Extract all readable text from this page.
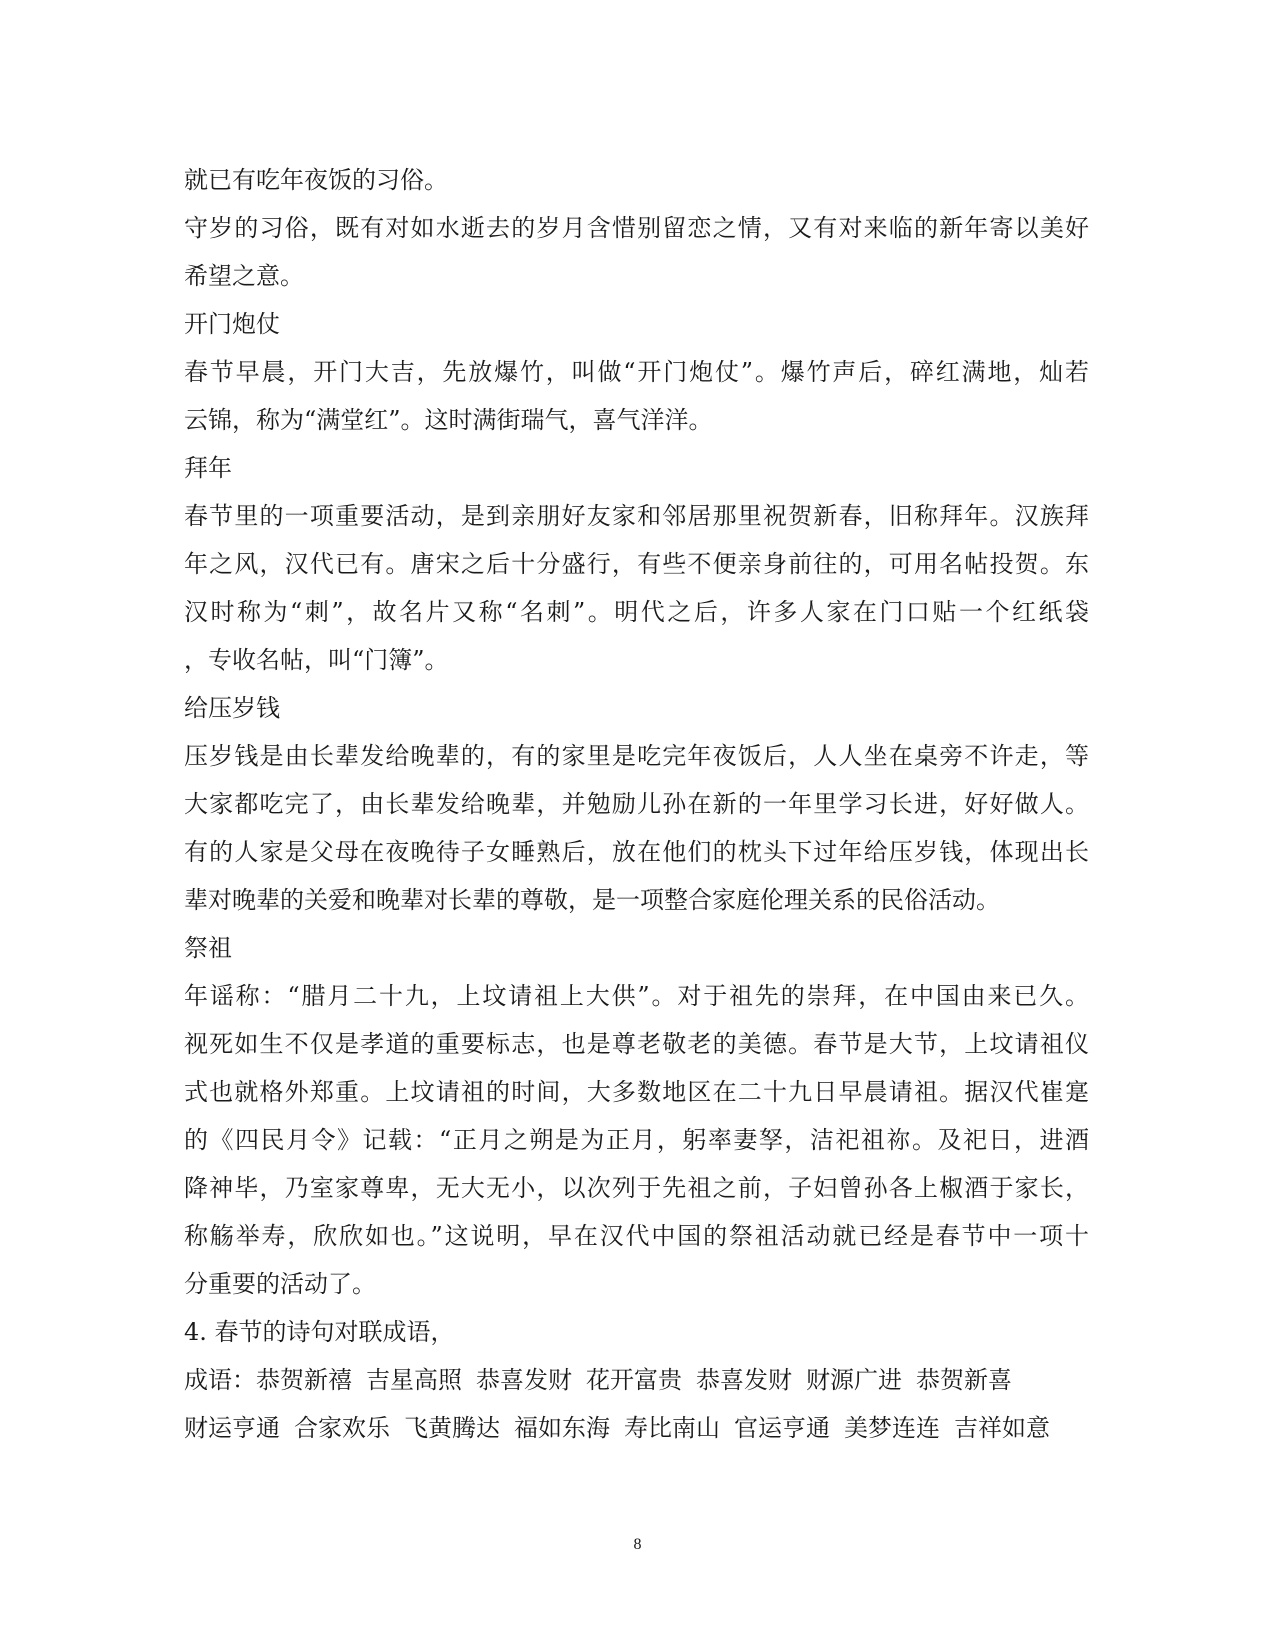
就已有吃年夜饭的习俗。
守岁的习俗，既有对如水逝去的岁月含惜别留恋之情，又有对来临的新年寄以美好
希望之意。
开门炮仗
春节早晨，开门大吉，先放爆竹，叫做“开门炮仗”。爆竹声后，碎红满地，灿若
云锦，称为“满堂红”。这时满街瑞气，喜气洋洋。
拜年
春节里的一项重要活动，是到亲朋好友家和邻居那里祝贺新春，旧称拜年。汉族拜
年之风，汉代已有。唐宋之后十分盛行，有些不便亲身前往的，可用名帖投贺。东
汉时称为“刺”，故名片又称“名刺”。明代之后，许多人家在门口贴一个红纸袋
，专收名帖，叫“门簿”。
给压岁钱
压岁钱是由长辈发给晚辈的，有的家里是吃完年夜饭后，人人坐在桌旁不许走，等
大家都吃完了，由长辈发给晚辈，并勉励儿孙在新的一年里学习长进，好好做人。
有的人家是父母在夜晚待子女睡熟后，放在他们的枕头下过年给压岁钱，体现出长
辈对晚辈的关爱和晚辈对长辈的尊敬，是一项整合家庭伦理关系的民俗活动。
祭祖
年谣称：“腊月二十九，上坟请祖上大供”。对于祖先的崇拜，在中国由来已久。
视死如生不仅是孝道的重要标志，也是尊老敬老的美德。春节是大节，上坟请祖仪
式也就格外郑重。上坟请祖的时间，大多数地区在二十九日早晨请祖。据汉代崔寔
的《四民月令》记载：“正月之朔是为正月，躬率妻孥，洁祀祖祢。及祀日，进酒
降神毕，乃室家尊卑，无大无小，以次列于先祖之前，子妇曾孙各上椒酒于家长，
称觞举寿，欣欣如也。”这说明，早在汉代中国的祭祖活动就已经是春节中一项十
分重要的活动了。
4. 春节的诗句对联成语，
成语：恭贺新禧 吉星高照 恭喜发财 花开富贵 恭喜发财 财源广进 恭贺新喜
财运亨通 合家欢乐 飞黄腾达 福如东海 寿比南山 官运亨通 美梦连连 吉祥如意
8
